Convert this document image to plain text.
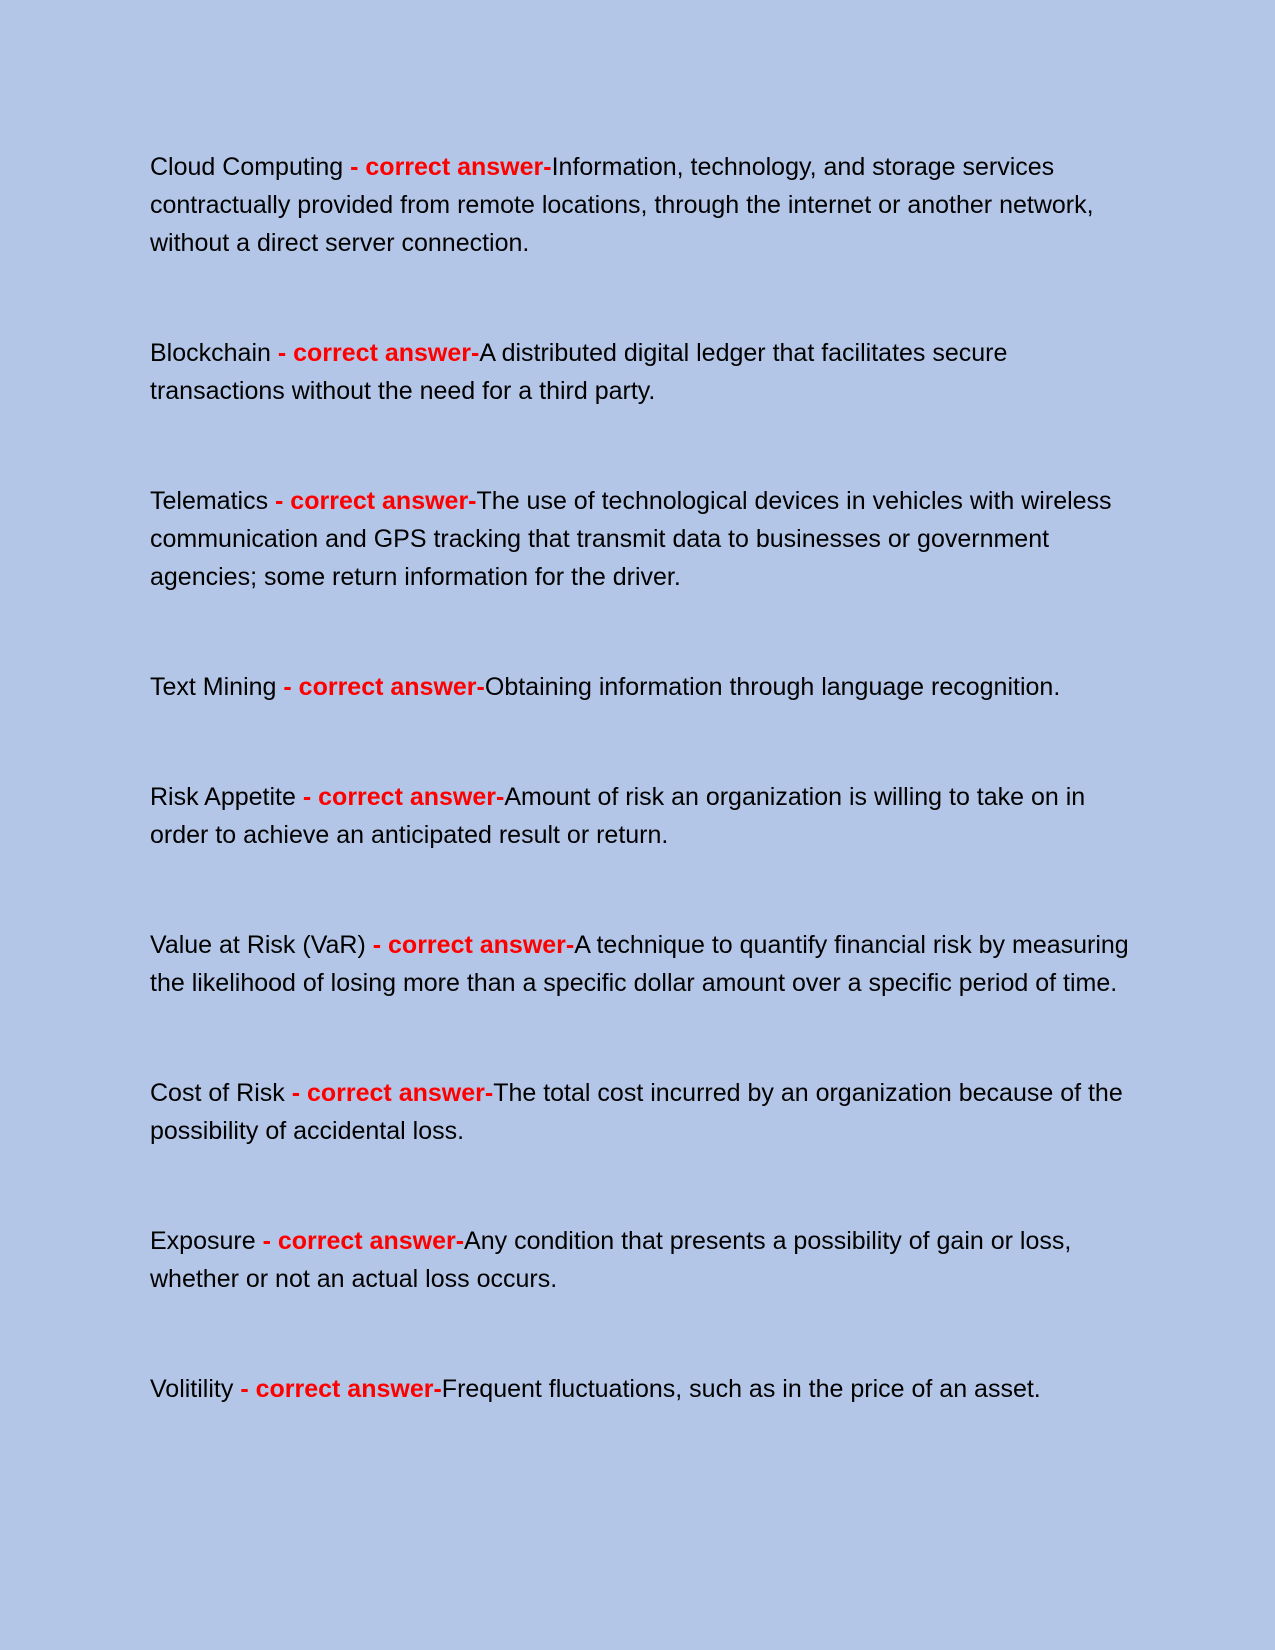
Cloud Computing - correct answer-Information, technology, and storage services contractually provided from remote locations, through the internet or another network, without a direct server connection.

Blockchain - correct answer-A distributed digital ledger that facilitates secure transactions without the need for a third party.

Telematics - correct answer-The use of technological devices in vehicles with wireless communication and GPS tracking that transmit data to businesses or government agencies; some return information for the driver.

Text Mining - correct answer-Obtaining information through language recognition.

Risk Appetite - correct answer-Amount of risk an organization is willing to take on in order to achieve an anticipated result or return.

Value at Risk (VaR) - correct answer-A technique to quantify financial risk by measuring the likelihood of losing more than a specific dollar amount over a specific period of time.

Cost of Risk - correct answer-The total cost incurred by an organization because of the possibility of accidental loss.

Exposure - correct answer-Any condition that presents a possibility of gain or loss, whether or not an actual loss occurs.

Volitility - correct answer-Frequent fluctuations, such as in the price of an asset.
